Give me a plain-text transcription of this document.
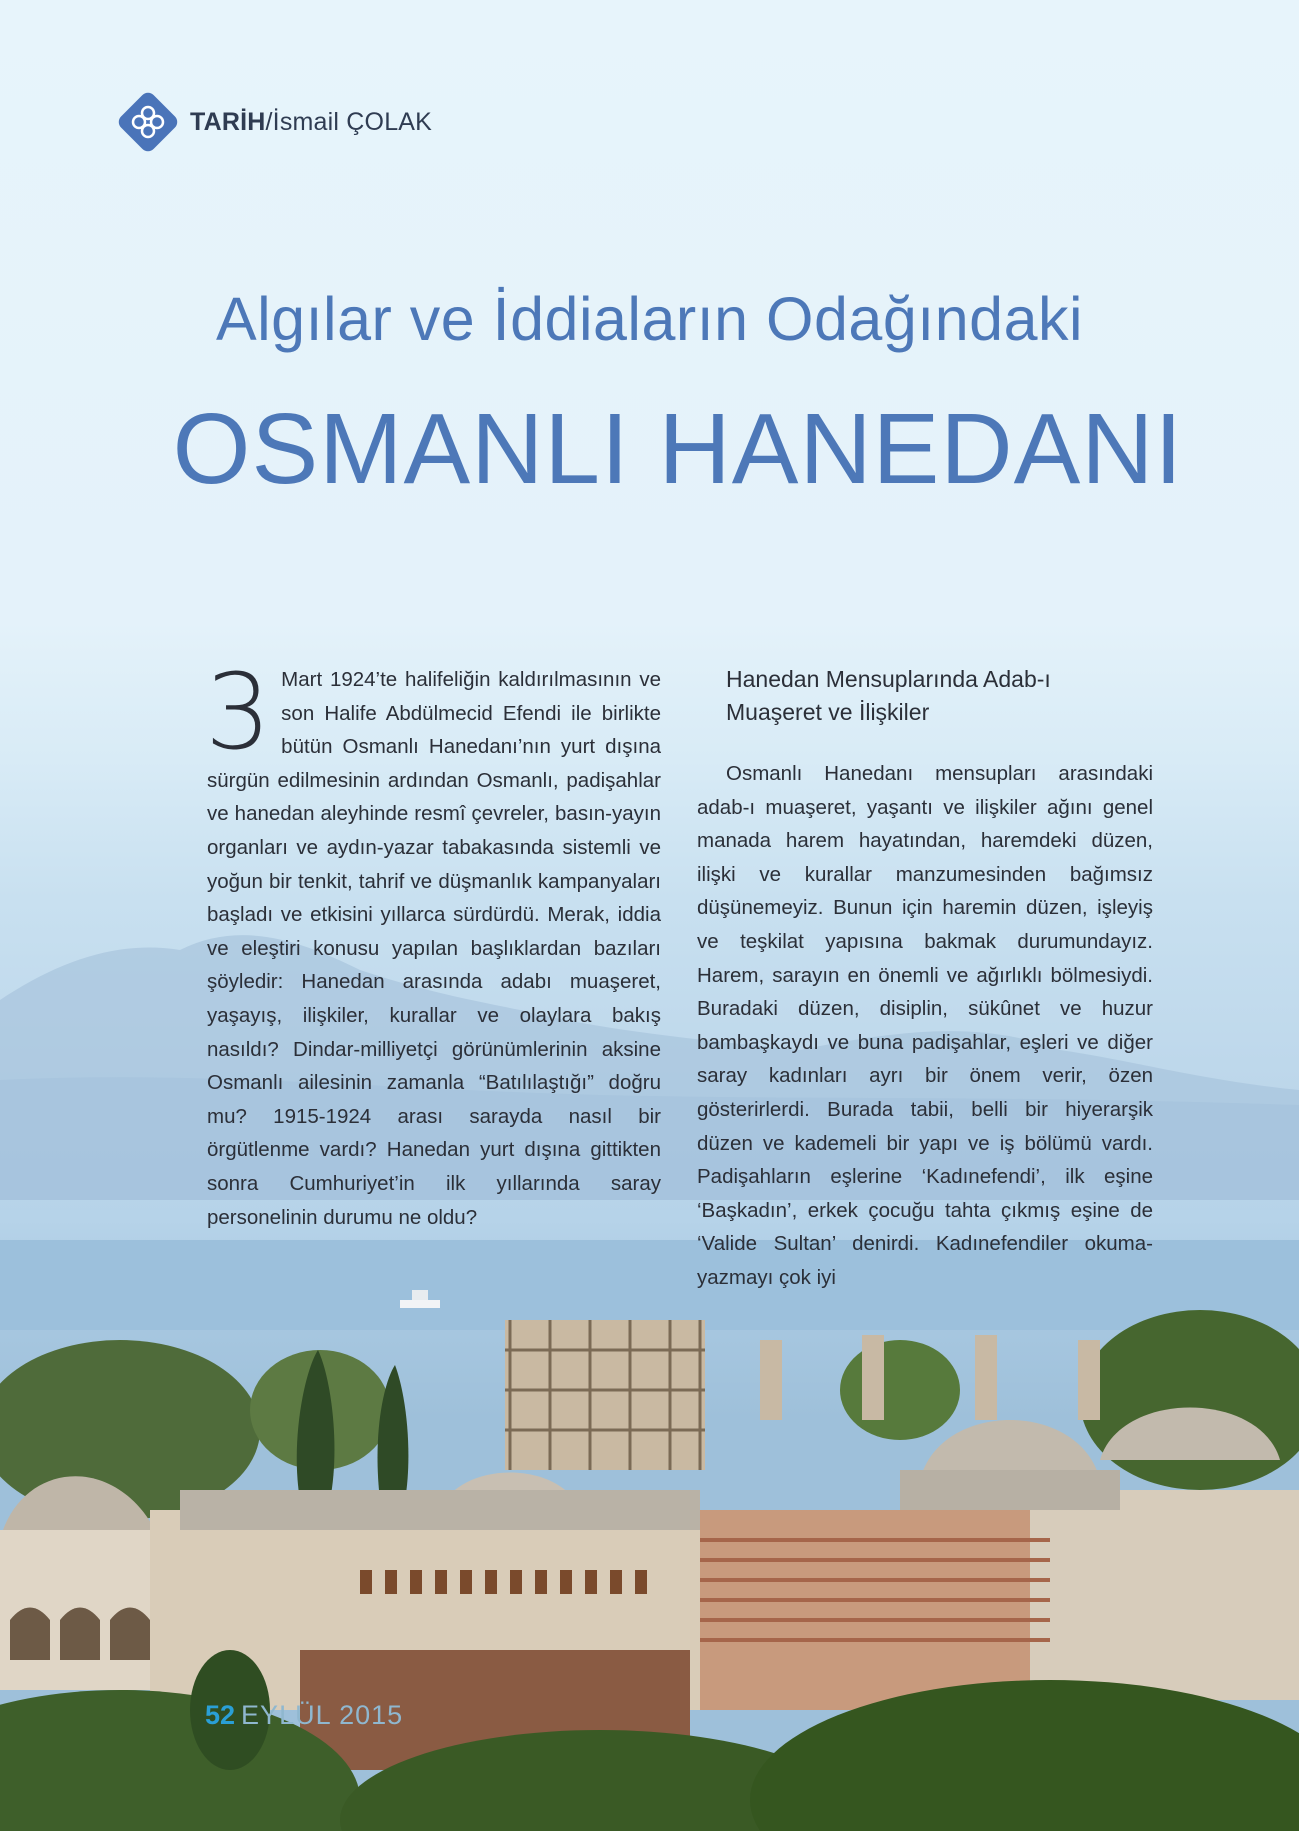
TARİH/İsmail ÇOLAK
Algılar ve İddiaların Odağındaki
OSMANLI HANEDANI
3 Mart 1924’te halifeliğin kaldırılmasının ve son Halife Abdülmecid Efendi ile birlikte bütün Osmanlı Hanedanı’nın yurt dışına sürgün edilmesinin ardından Osmanlı, padişahlar ve hanedan aleyhinde resmî çevreler, basın-yayın organları ve aydın-yazar tabakasında sistemli ve yoğun bir tenkit, tahrif ve düşmanlık kampanyaları başladı ve etkisini yıllarca sürdürdü. Merak, iddia ve eleştiri konusu yapılan başlıklardan bazıları şöyledir: Hanedan arasında adabı muaşeret, yaşayış, ilişkiler, kurallar ve olaylara bakış nasıldı? Dindar-milliyetçi görünümlerinin aksine Osmanlı ailesinin zamanla “Batılılaştığı” doğru mu? 1915-1924 arası sarayda nasıl bir örgütlenme vardı? Hanedan yurt dışına gittikten sonra Cumhuriyet’in ilk yıllarında saray personelinin durumu ne oldu?
Hanedan Mensuplarında Adab-ı Muaşeret ve İlişkiler
Osmanlı Hanedanı mensupları arasındaki adab-ı muaşeret, yaşantı ve ilişkiler ağını genel manada harem hayatından, haremdeki düzen, ilişki ve kurallar manzumesinden bağımsız düşünemeyiz. Bunun için haremin düzen, işleyiş ve teşkilat yapısına bakmak durumundayız. Harem, sarayın en önemli ve ağırlıklı bölmesiydi. Buradaki düzen, disiplin, sükûnet ve huzur bambaşkaydı ve buna padişahlar, eşleri ve diğer saray kadınları ayrı bir önem verir, özen gösterirlerdi. Burada tabii, belli bir hiyerarşik düzen ve kademeli bir yapı ve iş bölümü vardı. Padişahların eşlerine ‘Kadınefendi’, ilk eşine ‘Başkadın’, erkek çocuğu tahta çıkmış eşine de ‘Valide Sultan’ denirdi. Kadınefendiler okuma-yazmayı çok iyi
52 EYLÜL 2015
